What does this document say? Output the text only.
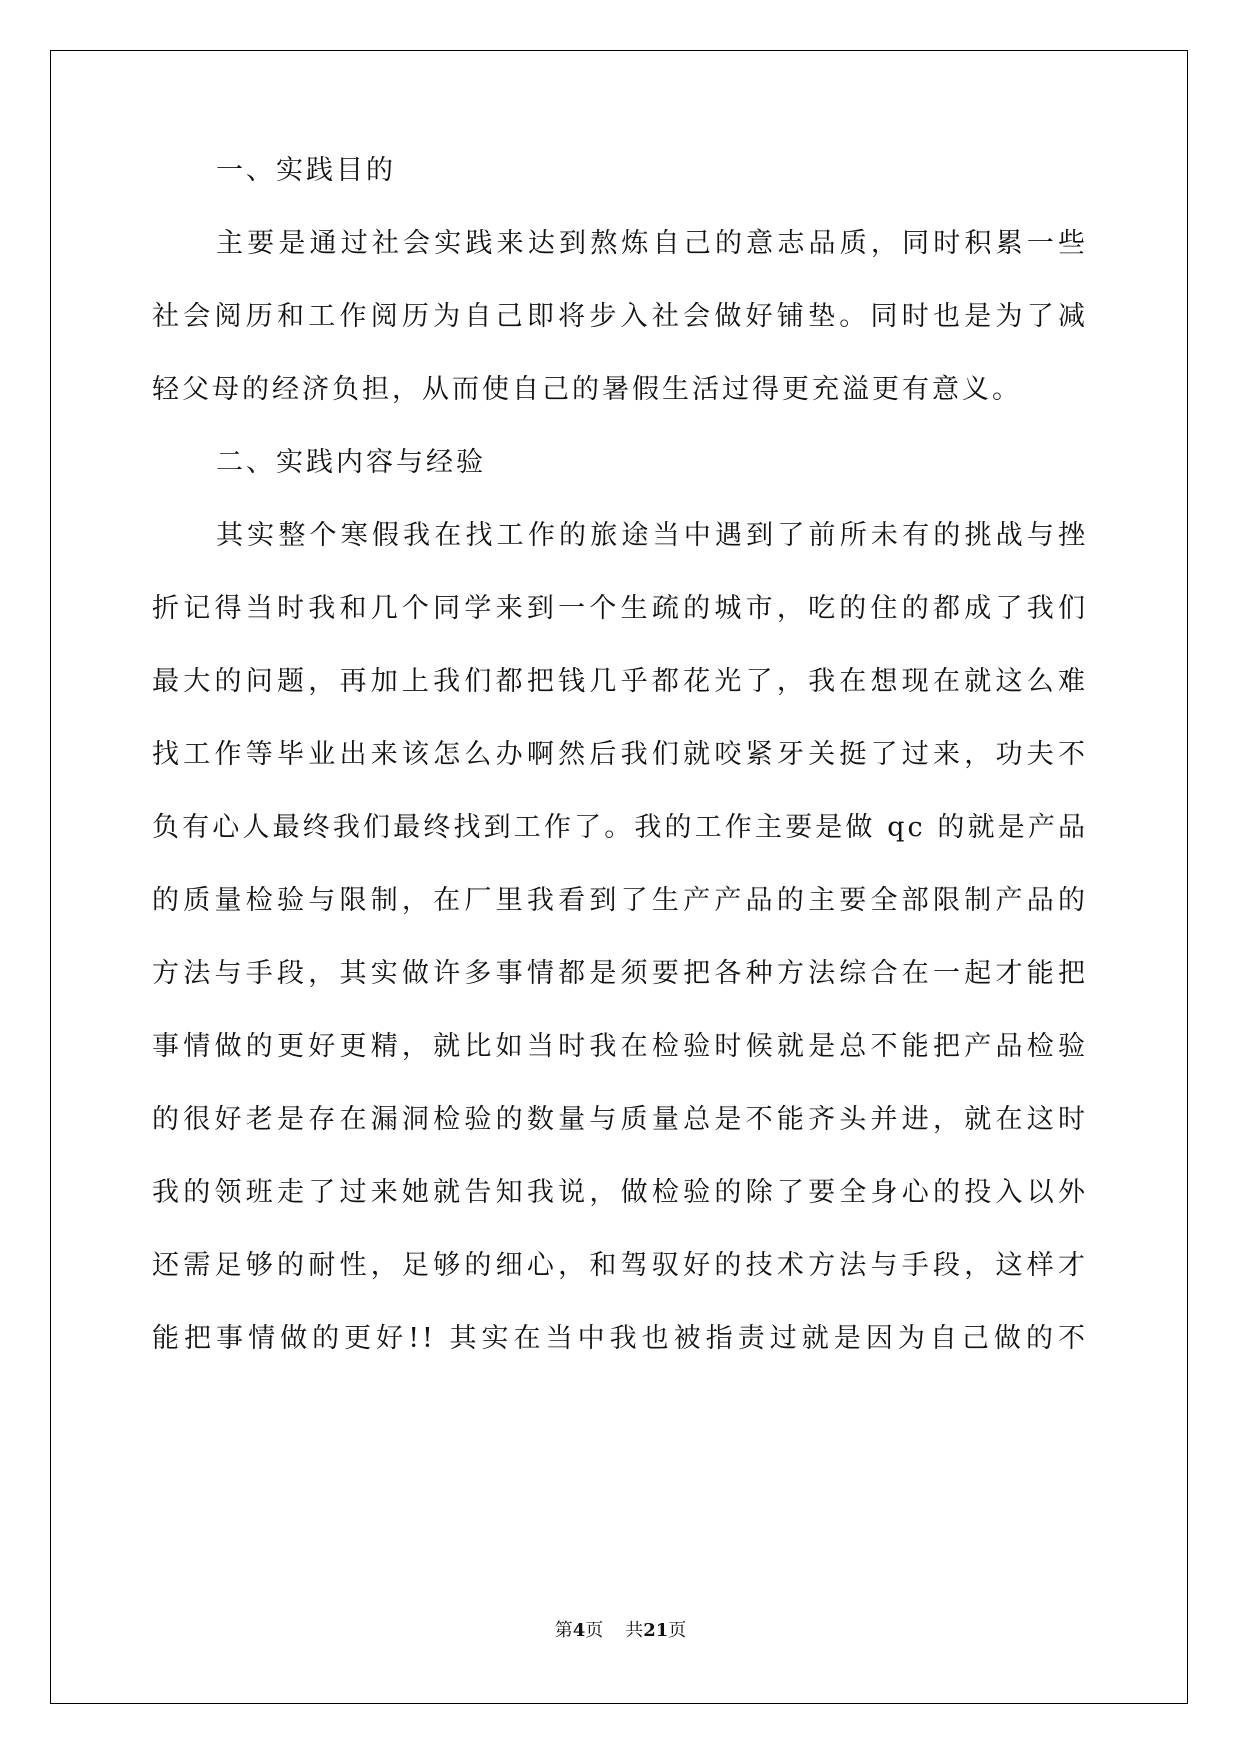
一、实践目的
主要是通过社会实践来达到熬炼自己的意志品质，同时积累一些
社会阅历和工作阅历为自己即将步入社会做好铺垫。同时也是为了减
轻父母的经济负担，从而使自己的暑假生活过得更充溢更有意义。
二、实践内容与经验
其实整个寒假我在找工作的旅途当中遇到了前所未有的挑战与挫
折记得当时我和几个同学来到一个生疏的城市，吃的住的都成了我们
最大的问题，再加上我们都把钱几乎都花光了，我在想现在就这么难
找工作等毕业出来该怎么办啊然后我们就咬紧牙关挺了过来，功夫不
负有心人最终我们最终找到工作了。我的工作主要是做 qc 的就是产品
的质量检验与限制，在厂里我看到了生产产品的主要全部限制产品的
方法与手段，其实做许多事情都是须要把各种方法综合在一起才能把
事情做的更好更精，就比如当时我在检验时候就是总不能把产品检验
的很好老是存在漏洞检验的数量与质量总是不能齐头并进，就在这时
我的领班走了过来她就告知我说，做检验的除了要全身心的投入以外
还需足够的耐性，足够的细心，和驾驭好的技术方法与手段，这样才
能把事情做的更好!! 其实在当中我也被指责过就是因为自己做的不
第4页 共21页
